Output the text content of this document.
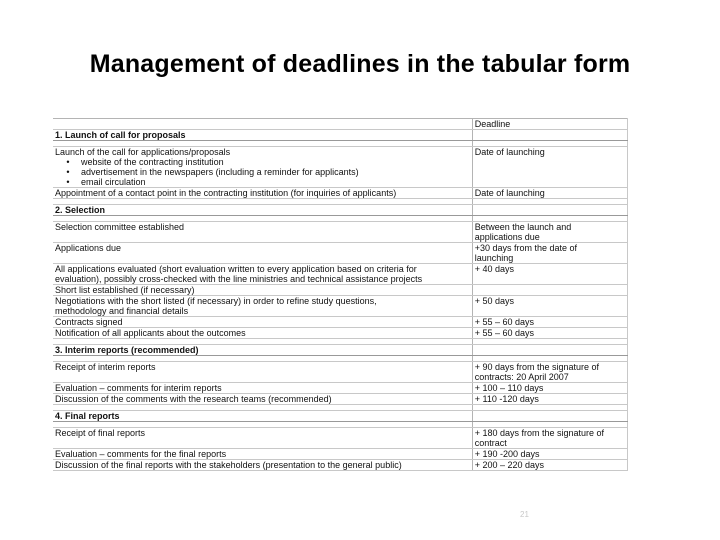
Management of deadlines in the tabular form
	Deadline
1. Launch of call for proposals	

Launch of the call for applications/proposals
• website of the contracting institution
• advertisement in the newspapers (including a reminder for applicants)
• email circulation	Date of launching
Appointment of a contact point in the contracting institution (for inquiries of applicants)	Date of launching

2. Selection	

Selection committee established	Between the launch and
applications due

Applications due	+30 days from the date of
launching

All applications evaluated (short evaluation written to every application based on criteria for
evaluation), possibly cross-checked with the line ministries and technical assistance projects	+ 40 days
Short list established (if necessary)	

Negotiations with the short listed (if necessary) in order to refine study questions,
methodology and financial details	+ 50 days
Contracts signed	+ 55 – 60 days
Notification of all applicants about the outcomes	+ 55 – 60 days

3. Interim reports (recommended)	

Receipt of interim reports	+ 90 days from the signature of
contracts: 20 April 2007

Evaluation – comments for interim reports	+ 100 – 110 days
Discussion of the comments with the research teams (recommended)	+ 110 -120 days

4. Final reports	

Receipt of final reports	+ 180 days from the signature of
contract

Evaluation – comments for the final reports	+ 190 -200 days
Discussion of the final reports with the stakeholders (presentation to the general public)	+ 200 – 220 days
21
